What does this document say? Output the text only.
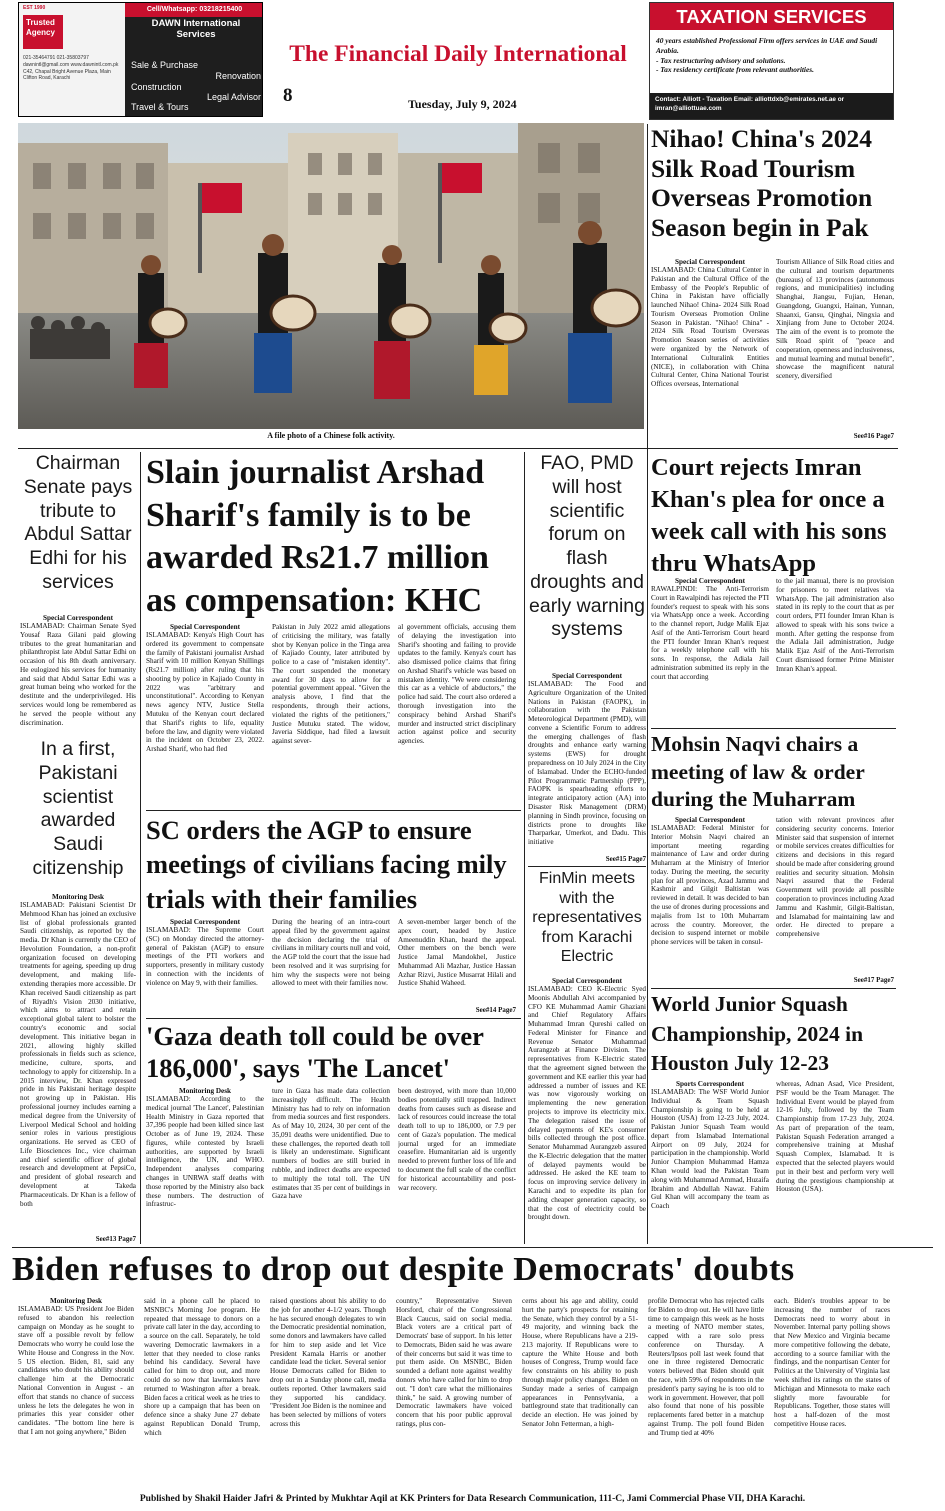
EST 1990
Trusted Agency
021-35464791 021-35803797 dawnintl@gmail.com www.dawnintl.com.pk C42, Chapal Bright Avenue Plaza, Main Clifton Road, Karachi
Cell/Whatsapp: 03218215400
DAWN International Services
Sale & Purchase
Renovation
Construction
Legal Advisor
Travel & Tours
The Financial Daily International
8	Tuesday, July 9, 2024
TAXATION SERVICES
40 years established Professional Firm offers services in UAE and Saudi Arabia.
- Tax restructuring advisory and solutions.
- Tax residency certificate from relevant authorities.
Contact: Alliott - Taxation Email: alliottdxb@emirates.net.ae or imran@alliottuae.com
A file photo of a Chinese folk activity.
Nihao! China's 2024 Silk Road Tourism Overseas Promotion Season begin in Pak
Special Correspondent
ISLAMABAD: China Cultural Center in Pakistan and the Cultural Office of the Embassy of the People's Republic of China in Pakistan have officially launched Nihao! China- 2024 Silk Road Tourism Overseas Promotion Online Season in Pakistan. "Nihao! China" - 2024 Silk Road Tourism Overseas Promotion Season series of activities were organized by the Network of International Culturalink Entities (NICE), in collaboration with China Cultural Center, China National Tourist Offices overseas, International
Tourism Alliance of Silk Road cities and the cultural and tourism departments (bureaus) of 13 provinces (autonomous regions, and municipalities) including Shanghai, Jiangsu, Fujian, Henan, Guangdong, Guangxi, Hainan, Yunnan, Shaanxi, Gansu, Qinghai, Ningxia and Xinjiang from June to October 2024. The aim of the event is to promote the Silk Road spirit of "peace and cooperation, openness and inclusiveness, and mutual learning and mutual benefit", showcase the magnificent natural scenery, diversified
See#16 Page7
Chairman Senate pays tribute to Abdul Sattar Edhi for his services
Special Correspondent
ISLAMABAD: Chairman Senate Syed Yousaf Raza Gilani paid glowing tributes to the great humanitarian and philanthropist late Abdul Sattar Edhi on occasion of his 8th death anniversary. He eulogized his services for humanity and said that Abdul Sattar Edhi was a great human being who worked for the destitute and the underprivileged. His services would long be remembered as he served the people without any discrimination.
In a first, Pakistani scientist awarded Saudi citizenship
Monitoring Desk
ISLAMABAD: Pakistani Scientist Dr Mehmood Khan has joined an exclusive list of global professionals granted Saudi citizenship, as reported by the media. Dr Khan is currently the CEO of Hevolution Foundation, a non-profit organization focused on developing treatments for ageing, speeding up drug development, and making life-extending therapies more accessible. Dr Khan received Saudi citizenship as part of Riyadh's Vision 2030 initiative, which aims to attract and retain exceptional global talent to bolster the country's economic and social development. This initiative began in 2021, allowing highly skilled professionals in fields such as science, medicine, culture, sports, and technology to apply for citizenship. In a 2015 interview, Dr. Khan expressed pride in his Pakistani heritage despite not growing up in Pakistan. His professional journey includes earning a medical degree from the University of Liverpool Medical School and holding senior roles in various prestigious organizations. He served as CEO of Life Biosciences Inc., vice chairman and chief scientific officer of global research and development at PepsiCo, and president of global research and development at Takeda Pharmaceuticals. Dr Khan is a fellow of both
See#13 Page7
Slain journalist Arshad Sharif's family is to be awarded Rs21.7 million as compensation: KHC
Special Correspondent
ISLAMABAD: Kenya's High Court has ordered its government to compensate the family of Pakistani journalist Arshad Sharif with 10 million Kenyan Shillings (Rs21.7 million) after ruling that his shooting by police in Kajiado County in 2022 was "arbitrary and unconstitutional". According to Kenyan news agency NTV, Justice Stella Mutuku of the Kenyan court declared that Sharif's rights to life, equality before the law, and dignity were violated in the incident on October 23, 2022. Arshad Sharif, who had fled
Pakistan in July 2022 amid allegations of criticising the military, was fatally shot by Kenyan police in the Tinga area of Kajiado County, later attributed by police to a case of "mistaken identity". The court suspended the monetary award for 30 days to allow for a potential government appeal. "Given the analysis above, I find that the respondents, through their actions, violated the rights of the petitioners," Justice Mutuku stated. The widow, Javeria Siddique, had filed a lawsuit against sever-
al government officials, accusing them of delaying the investigation into Sharif's shooting and failing to provide updates to the family. Kenya's court has also dismissed police claims that firing on Arshad Sharif's vehicle was based on mistaken identity. "We were considering this car as a vehicle of abductors," the police had said. The court also ordered a thorough investigation into the conspiracy behind Arshad Sharif's murder and instructed strict disciplinary action against police and security agencies.
SC orders the AGP to ensure meetings of civilians facing mily trials with their families
Special Correspondent
ISLAMABAD: The Supreme Court (SC) on Monday directed the attorney-general of Pakistan (AGP) to ensure meetings of the PTI workers and supporters, presently in military custody in connection with the incidents of violence on May 9, with their families.
During the hearing of an intra-court appeal filed by the government against the decision declaring the trial of civilians in military courts null and void, the AGP told the court that the issue had been resolved and it was surprising for him why the suspects were not being allowed to meet with their families now.
A seven-member larger bench of the apex court, headed by Justice Ameenuddin Khan, heard the appeal. Other members on the bench were Justice Jamal Mandokhel, Justice Muhammad Ali Mazhar, Justice Hassan Azhar Rizvi, Justice Musarrat Hilali and Justice Shahid Waheed.
See#14 Page7
'Gaza death toll could be over 186,000', says 'The Lancet'
Monitoring Desk
ISLAMABAD: According to the medical journal 'The Lancet', Palestinian Health Ministry in Gaza reported that 37,396 people had been killed since last October as of June 19, 2024. These figures, while contested by Israeli authorities, are supported by Israeli intelligence, the UN, and WHO. Independent analyses comparing changes in UNRWA staff deaths with those reported by the Ministry also back these numbers. The destruction of infrastruc-
ture in Gaza has made data collection increasingly difficult. The Health Ministry has had to rely on information from media sources and first responders. As of May 10, 2024, 30 per cent of the 35,091 deaths were unidentified. Due to these challenges, the reported death toll is likely an underestimate. Significant numbers of bodies are still buried in rubble, and indirect deaths are expected to multiply the total toll. The UN estimates that 35 per cent of buildings in Gaza have
been destroyed, with more than 10,000 bodies potentially still trapped. Indirect deaths from causes such as disease and lack of resources could increase the total death toll to up to 186,000, or 7.9 per cent of Gaza's population. The medical journal urged for an immediate ceasefire. Humanitarian aid is urgently needed to prevent further loss of life and to document the full scale of the conflict for historical accountability and post-war recovery.
FAO, PMD will host scientific forum on flash droughts and early warning systems
Special Correspondent
ISLAMABAD: The Food and Agriculture Organization of the United Nations in Pakistan (FAOPK), in collaboration with the Pakistan Meteorological Department (PMD), will convene a Scientific Forum to address the emerging challenges of flash droughts and enhance early warning systems (EWS) for drought preparedness on 10 July 2024 in the City of Islamabad. Under the ECHO-funded Pilot Programmatic Partnership (PPP), FAOPK is spearheading efforts to integrate anticipatory action (AA) into Disaster Risk Management (DRM) planning in Sindh province, focusing on districts prone to droughts like Tharparkar, Umerkot, and Dadu. This initiative
See#15 Page7
FinMin meets with the representatives from Karachi Electric
Special Correspondent
ISLAMABAD: CEO K-Electric Syed Moonis Abdullah Alvi accompanied by CFO KE Muhammad Aamir Ghaziani and Chief Regulatory Affairs Muhammad Imran Qureshi called on Federal Minister for Finance and Revenue Senator Muhammad Aurangzeb at Finance Division. The representatives from K-Electric stated that the agreement signed between the government and KE earlier this year had addressed a number of issues and KE was now vigorously working on implementing the new generation projects to improve its electricity mix. The delegation raised the issue of delayed payments of KE's consumer bills collected through the post office. Senator Muhammad Aurangzeb assured the K-Electric delegation that the matter of delayed payments would be addressed. He asked the KE team to focus on improving service delivery in Karachi and to expedite its plan for adding cheaper generation capacity, so that the cost of electricity could be brought down.
Court rejects Imran Khan's plea for once a week call with his sons thru WhatsApp
Special Correspondent
RAWALPINDI: The Anti-Terrorism Court in Rawalpindi has rejected the PTI founder's request to speak with his sons via WhatsApp once a week. According to the channel report, Judge Malik Ejaz Asif of the Anti-Terrorism Court heard the PTI founder Imran Khan's request for a weekly telephone call with his sons. In response, the Adiala Jail administration submitted its reply in the court that according
to the jail manual, there is no provision for prisoners to meet relatives via WhatsApp. The jail administration also stated in its reply to the court that as per court orders, PTI founder Imran Khan is allowed to speak with his sons twice a month. After getting the response from the Adiala Jail administration, Judge Malik Ejaz Asif of the Anti-Terrorism Court dismissed former Prime Minister Imran Khan's appeal.
Mohsin Naqvi chairs a meeting of law & order during the Muharram
Special Correspondent
ISLAMABAD: Federal Minister for Interior Mohsin Naqvi chaired an important meeting regarding maintenance of Law and order during Muharram at the Ministry of Interior today. During the meeting, the security plan for all provinces, Azad Jammu and Kashmir and Gilgit Baltistan was reviewed in detail. It was decided to ban the use of drones during processions and majalis from 1st to 10th Muharram across the country. Moreover, the decision to suspend internet or mobile phone services will be taken in consul-
tation with relevant provinces after considering security concerns. Interior Minister said that suspension of internet or mobile services creates difficulties for citizens and decisions in this regard should be made after considering ground realities and security situation. Mohsin Naqvi assured that the Federal Government will provide all possible cooperation to provinces including Azad Jammu and Kashmir, Gilgit-Baltistan, and Islamabad for maintaining law and order. He directed to prepare a comprehensive
See#17 Page7
World Junior Squash Championship, 2024 in Houston July 12-23
Sports Correspondent
ISLAMABAD: The WSF World Junior Individual & Team Squash Championship is going to be held at Houston (USA) from 12-23 July, 2024. Pakistan Junior Squash Team would depart from Islamabad International Airport on 09 July, 2024 for participation in the championship. World Junior Champion Muhammad Hamza Khan would lead the Pakistan Team along with Muhammad Ammad, Huzaifa Ibrahim and Abdullah Nawaz. Fahim Gul Khan will accompany the team as Coach
whereas, Adnan Asad, Vice President, PSF would be the Team Manager. The Individual Event would be played from 12-16 July, followed by the Team Championship from 17-23 July, 2024. As part of preparation of the team, Pakistan Squash Federation arranged a comprehensive training at Mushaf Squash Complex, Islamabad. It is expected that the selected players would put in their best and perform very well during the prestigious championship at Houston (USA).
Biden refuses to drop out despite Democrats' doubts
Monitoring Desk
ISLAMABAD: US President Joe Biden refused to abandon his reelection campaign on Monday as he sought to stave off a possible revolt by fellow Democrats who worry he could lose the White House and Congress in the Nov. 5 US election. Biden, 81, said any candidates who doubt his ability should challenge him at the Democratic National Convention in August - an effort that stands no chance of success unless he lets the delegates he won in primaries this year consider other candidates. "The bottom line here is that I am not going anywhere," Biden
said in a phone call he placed to MSNBC's Morning Joe program. He repeated that message to donors on a private call later in the day, according to a source on the call. Separately, he told wavering Democratic lawmakers in a letter that they needed to close ranks behind his candidacy. Several have called for him to drop out, and more could do so now that lawmakers have returned to Washington after a break. Biden faces a critical week as he tries to shore up a campaign that has been on defence since a shaky June 27 debate against Republican Donald Trump, which
raised questions about his ability to do the job for another 4-1/2 years. Though he has secured enough delegates to win the Democratic presidential nomination, some donors and lawmakers have called for him to step aside and let Vice President Kamala Harris or another candidate lead the ticket. Several senior House Democrats called for Biden to drop out in a Sunday phone call, media outlets reported. Other lawmakers said they supported his candidacy. "President Joe Biden is the nominee and has been selected by millions of voters across this
country," Representative Steven Horsford, chair of the Congressional Black Caucus, said on social media. Black voters are a critical part of Democrats' base of support. In his letter to Democrats, Biden said he was aware of their concerns but said it was time to put them aside. On MSNBC, Biden sounded a defiant note against wealthy donors who have called for him to drop out. "I don't care what the millionaires think," he said. A growing number of Democratic lawmakers have voiced concern that his poor public approval ratings, plus con-
cerns about his age and ability, could hurt the party's prospects for retaining the Senate, which they control by a 51-49 majority, and winning back the House, where Republicans have a 219-213 majority. If Republicans were to capture the White House and both houses of Congress, Trump would face few constraints on his ability to push through major policy changes. Biden on Sunday made a series of campaign appearances in Pennsylvania, a battleground state that traditionally can decide an election. He was joined by Senator John Fetterman, a high-
profile Democrat who has rejected calls for Biden to drop out. He will have little time to campaign this week as he hosts a meeting of NATO member states, capped with a rare solo press conference on Thursday. A Reuters/Ipsos poll last week found that one in three registered Democratic voters believed that Biden should quit the race, with 59% of respondents in the president's party saying he is too old to work in government. However, that poll also found that none of his possible replacements fared better in a matchup against Trump. The poll found Biden and Trump tied at 40%
each. Biden's troubles appear to be increasing the number of races Democrats need to worry about in November. Internal party polling shows that New Mexico and Virginia became more competitive following the debate, according to a source familiar with the findings, and the nonpartisan Center for Politics at the University of Virginia last week shifted its ratings on the states of Michigan and Minnesota to make each slightly more favourable for Republicans. Together, those states will host a half-dozen of the most competitive House races.
Published by Shakil Haider Jafri & Printed by Mukhtar Aqil at KK Printers for Data Research Communication, 111-C, Jami Commercial Phase VII, DHA Karachi.
